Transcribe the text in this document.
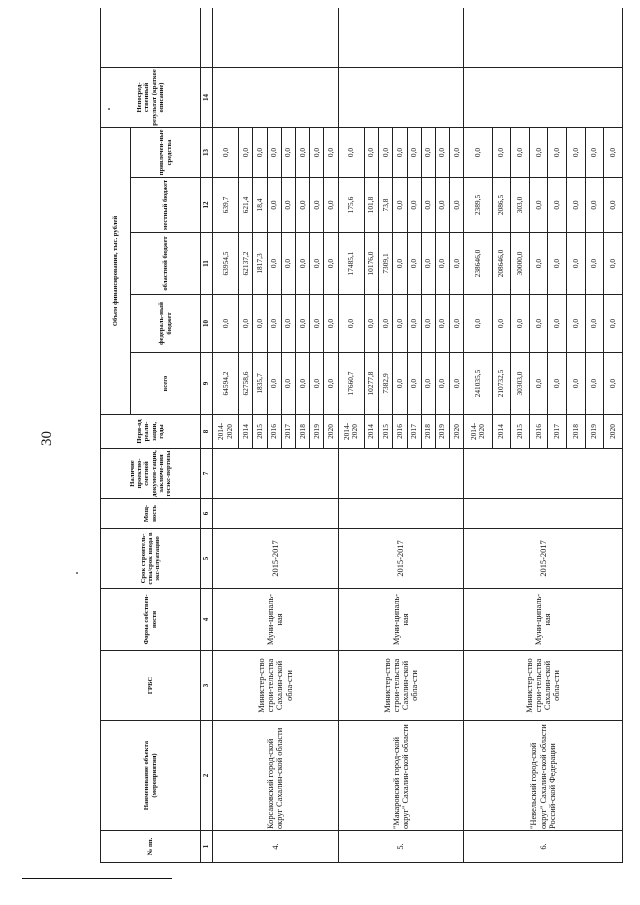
30
№ пп.	Наименование объекта (мероприятия)	ГРБС	Форма собствен-ности	Срок строитель-ства/срок ввода в экс-плуатацию	Мощ-ность	Наличие проектно-сметной докумен-тации, заключе-ния госэкс-пертизы	Пери-од реали-зации, годы	Объем финансирования, тыс. рублей					Непосред-ственный результат (краткое описание)	
								всего	федераль-ный бюджет	областной бюджет	местный бюджет	привлечен-ные средства		
1	2	3	4	5	6	7	8	9	10	11	12	13	14	
4.	Корсаковский город-ской округ Сахалин-ской области	Министер-ство строи-тельства Сахалин-ской обла-сти	Муни-ципаль-ная	2015-2017			2014-2020	64594,2	0,0	63954,5	639,7	0,0		
							2014	62758,6	0,0	62137,2	621,4	0,0		
							2015	1835,7	0,0	1817,3	18,4	0,0		
							2016	0,0	0,0	0,0	0,0	0,0		
							2017	0,0	0,0	0,0	0,0	0,0		
							2018	0,0	0,0	0,0	0,0	0,0		
							2019	0,0	0,0	0,0	0,0	0,0		
							2020	0,0	0,0	0,0	0,0	0,0		
5.	"Макаровский город-ской округ" Сахалин-ской области	Министер-ство строи-тельства Сахалин-ской обла-сти	Муни-ципаль-ная	2015-2017			2014-2020	17660,7	0,0	17485,1	175,6	0,0		
							2014	10277,8	0,0	10176,0	101,8	0,0		
							2015	7382,9	0,0	7309,1	73,8	0,0		
							2016	0,0	0,0	0,0	0,0	0,0		
							2017	0,0	0,0	0,0	0,0	0,0		
							2018	0,0	0,0	0,0	0,0	0,0		
							2019	0,0	0,0	0,0	0,0	0,0		
							2020	0,0	0,0	0,0	0,0	0,0		
6.	"Невельский город-ской округ" Сахалин-ской области Россий-ской Федерации	Министер-ство строи-тельства Сахалин-ской обла-сти	Муни-ципаль-ная	2015-2017			2014-2020	241035,5	0,0	238646,0	2389,5	0,0		
							2014	210732,5	0,0	208646,0	2086,5	0,0		
							2015	30303,0	0,0	30000,0	303,0	0,0		
							2016	0,0	0,0	0,0	0,0	0,0		
							2017	0,0	0,0	0,0	0,0	0,0		
							2018	0,0	0,0	0,0	0,0	0,0		
							2019	0,0	0,0	0,0	0,0	0,0		
							2020	0,0	0,0	0,0	0,0	0,0		
